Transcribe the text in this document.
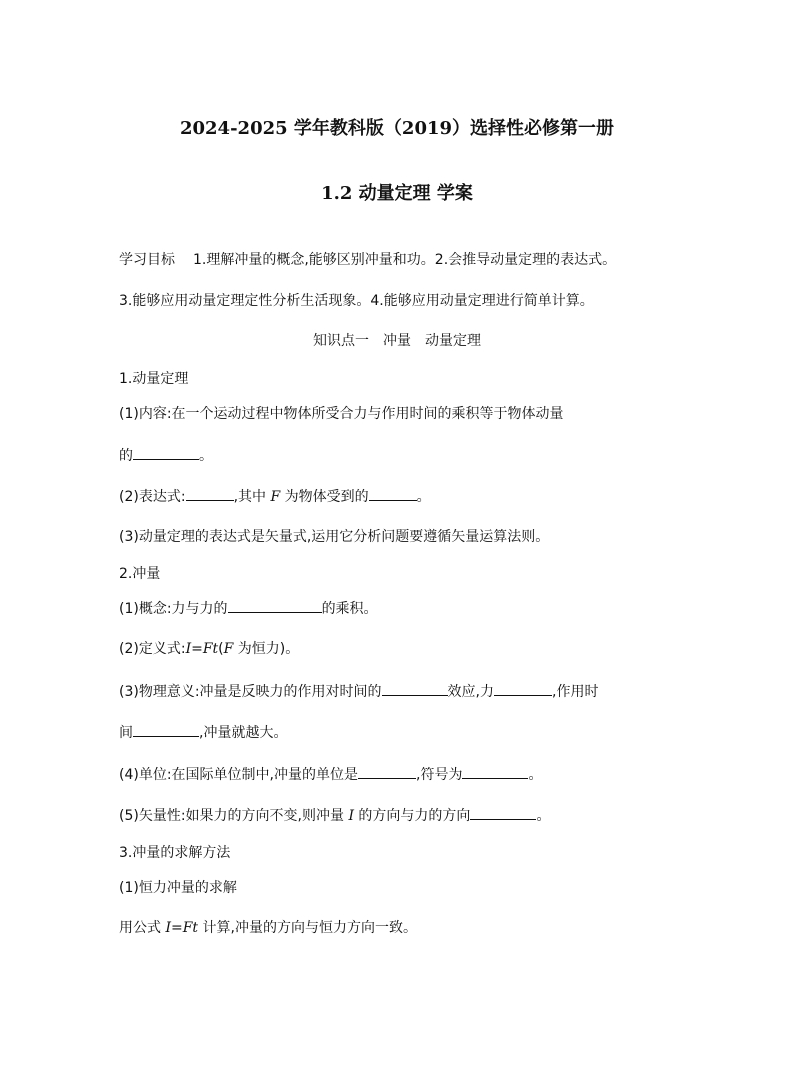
2024-2025 学年教科版（2019）选择性必修第一册
1.2 动量定理 学案
学习目标 1.理解冲量的概念,能够区别冲量和功。2.会推导动量定理的表达式。
3.能够应用动量定理定性分析生活现象。4.能够应用动量定理进行简单计算。
知识点一　冲量　动量定理
1.动量定理
(1)内容:在一个运动过程中物体所受合力与作用时间的乘积等于物体动量
的	。
(2)表达式:	,其中 F 为物体受到的	。
(3)动量定理的表达式是矢量式,运用它分析问题要遵循矢量运算法则。
2.冲量
(1)概念:力与力的	的乘积。
(2)定义式:I=Ft(F 为恒力)。
(3)物理意义:冲量是反映力的作用对时间的	效应,力	,作用时
间	,冲量就越大。
(4)单位:在国际单位制中,冲量的单位是	,符号为	。
(5)矢量性:如果力的方向不变,则冲量 I 的方向与力的方向	。
3.冲量的求解方法
(1)恒力冲量的求解
用公式 I=Ft 计算,冲量的方向与恒力方向一致。
